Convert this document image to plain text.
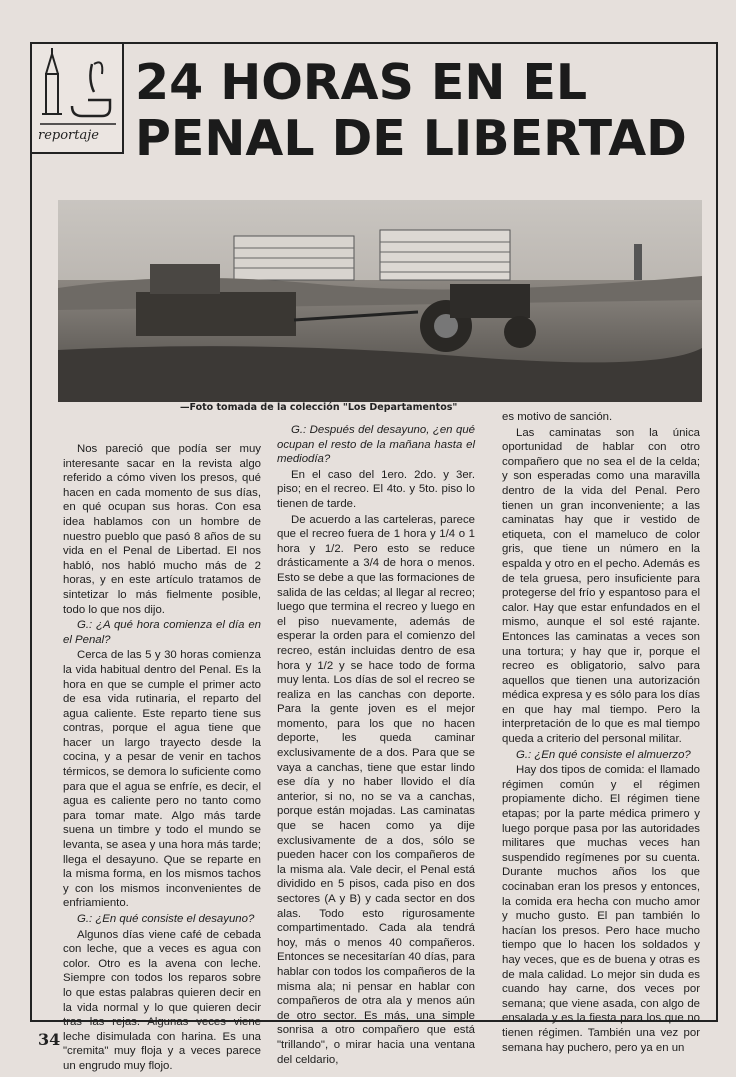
reportaje
24 HORAS EN EL
PENAL DE LIBERTAD
—Foto tomada de la colección "Los Departamentos"

Nos pareció que podía ser muy interesante sacar en la revista algo referido a cómo viven los presos, qué hacen en cada momento de sus días, en qué ocupan sus horas. Con esa idea hablamos con un hombre de nuestro pueblo que pasó 8 años de su vida en el Penal de Libertad. El nos habló, nos habló mucho más de 2 horas, y en este artículo tratamos de sintetizar lo más fielmente posible, todo lo que nos dijo.

G.: ¿A qué hora comienza el día en el Penal?

Cerca de las 5 y 30 horas comienza la vida habitual dentro del Penal. Es la hora en que se cumple el primer acto de esa vida rutinaria, el reparto del agua caliente. Este reparto tiene sus contras, porque el agua tiene que hacer un largo trayecto desde la cocina, y a pesar de venir en tachos térmicos, se demora lo suficiente como para que el agua se enfríe, es decir, el agua es caliente pero no tanto como para tomar mate. Algo más tarde suena un timbre y todo el mundo se levanta, se asea y una hora más tarde; llega el desayuno. Que se reparte en la misma forma, en los mismos tachos y con los mismos inconvenientes de enfriamiento.

G.: ¿En qué consiste el desayuno?

Algunos días viene café de cebada con leche, que a veces es agua con color. Otro es la avena con leche. Siempre con todos los reparos sobre lo que estas palabras quieren decir en la vida normal y lo que quieren decir tras las rejas. Algunas veces viene leche disimulada con harina. Es una "cremita" muy floja y a veces parece un engrudo muy flojo.

G.: Después del desayuno, ¿en qué ocupan el resto de la mañana hasta el mediodía?

En el caso del 1ero. 2do. y 3er. piso; en el recreo. El 4to. y 5to. piso lo tienen de tarde.

De acuerdo a las carteleras, parece que el recreo fuera de 1 hora y 1/4 o 1 hora y 1/2. Pero esto se reduce drásticamente a 3/4 de hora o menos. Esto se debe a que las formaciones de salida de las celdas; al llegar al recreo; luego que termina el recreo y luego en el piso nuevamente, además de esperar la orden para el comienzo del recreo, están incluidas dentro de esa hora y 1/2 y se hace todo de forma muy lenta. Los días de sol el recreo se realiza en las canchas con deporte. Para la gente joven es el mejor momento, para los que no hacen deporte, les queda caminar exclusivamente de a dos. Para que se vaya a canchas, tiene que estar lindo ese día y no haber llovido el día anterior, si no, no se va a canchas, porque están mojadas. Las caminatas que se hacen como ya dije exclusivamente de a dos, sólo se pueden hacer con los compañeros de la misma ala. Vale decir, el Penal está dividido en 5 pisos, cada piso en dos sectores (A y B) y cada sector en dos alas. Todo esto rigurosamente compartimentado. Cada ala tendrá hoy, más o menos 40 compañeros. Entonces se necesitarían 40 días, para hablar con todos los compañeros de la misma ala; ni pensar en hablar con compañeros de otra ala y menos aún de otro sector. Es más, una simple sonrisa a otro compañero que está "trillando", o mirar hacia una ventana del celdario,

es motivo de sanción.

Las caminatas son la única oportunidad de hablar con otro compañero que no sea el de la celda; y son esperadas como una maravilla dentro de la vida del Penal. Pero tienen un gran inconveniente; a las caminatas hay que ir vestido de etiqueta, con el mameluco de color gris, que tiene un número en la espalda y otro en el pecho. Además es de tela gruesa, pero insuficiente para protegerse del frío y espantoso para el calor. Hay que estar enfundados en el mismo, aunque el sol esté rajante. Entonces las caminatas a veces son una tortura; y hay que ir, porque el recreo es obligatorio, salvo para aquellos que tienen una autorización médica expresa y es sólo para los días en que hay mal tiempo. Pero la interpretación de lo que es mal tiempo queda a criterio del personal militar.

G.: ¿En qué consiste el almuerzo?

Hay dos tipos de comida: el llamado régimen común y el régimen propiamente dicho. El régimen tiene etapas; por la parte médica primero y luego porque pasa por las autoridades militares que muchas veces han suspendido regímenes por su cuenta. Durante muchos años los que cocinaban eran los presos y entonces, la comida era hecha con mucho amor y mucho gusto. El pan también lo hacían los presos. Pero hace mucho tiempo que lo hacen los soldados y hay veces, que es de buena y otras es de mala calidad. Lo mejor sin duda es cuando hay carne, dos veces por semana; que viene asada, con algo de ensalada y es la fiesta para los que no tienen régimen. También una vez por semana hay puchero, pero ya en un

34
